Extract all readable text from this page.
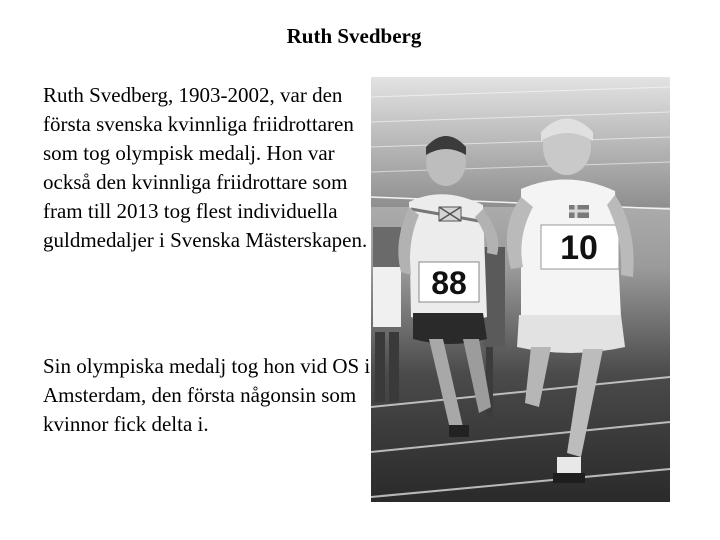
Ruth Svedberg

Ruth Svedberg, 1903-2002, var den första svenska kvinnliga friidrottaren som tog olympisk medalj. Hon var också den kvinnliga friidrottare som fram till 2013 tog flest individuella guldmedaljer i Svenska Mästerskapen.

Sin olympiska medalj tog hon vid OS i Amsterdam, den första någonsin som kvinnor fick delta i.

88
10
